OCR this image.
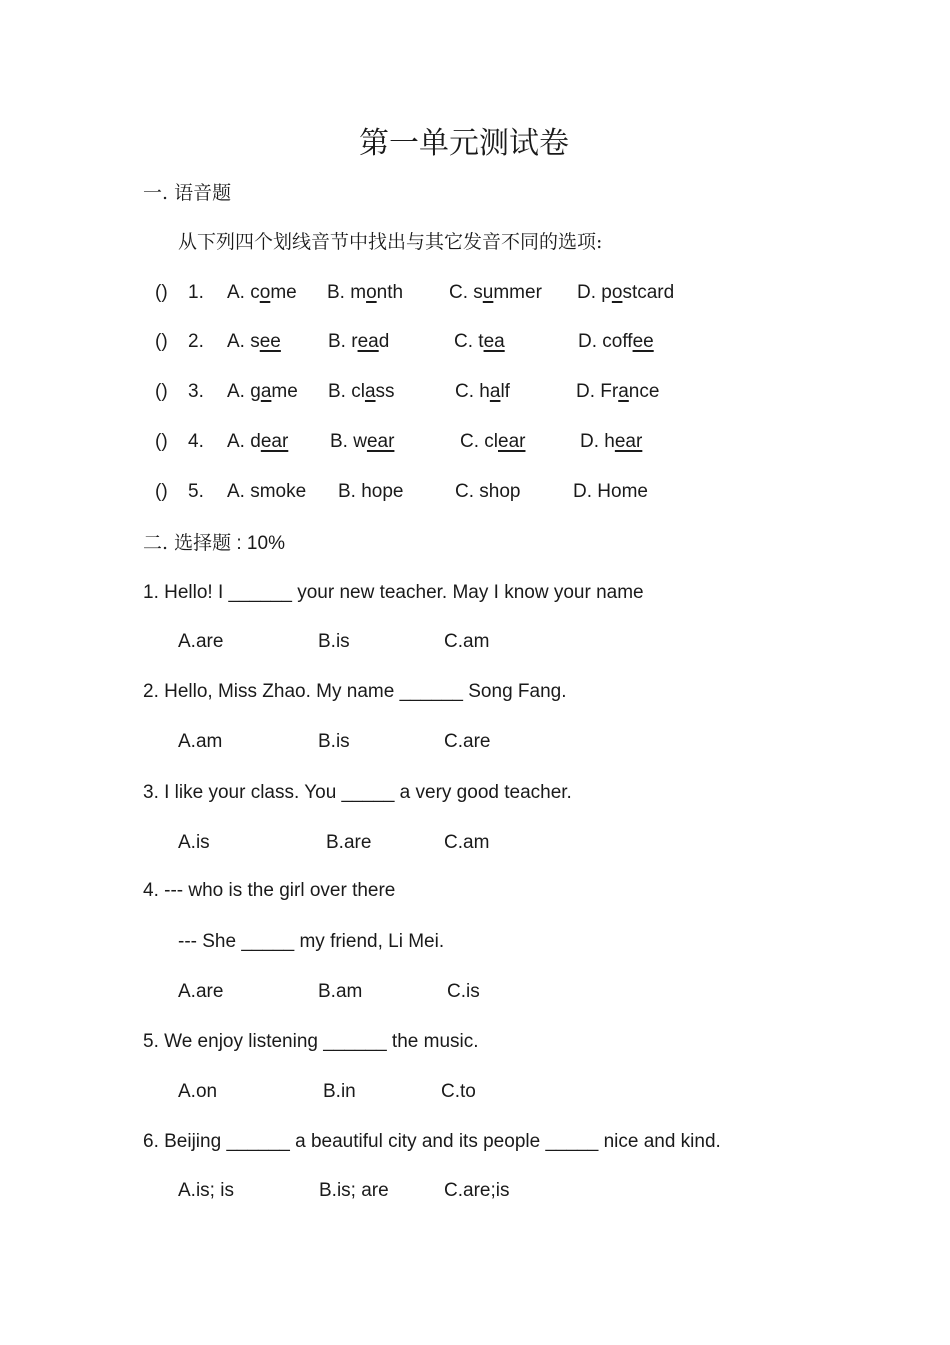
第一单元测试卷
一. 语音题
从下列四个划线音节中找出与其它发音不同的选项:
() 1. A. come B. month C. summer D. postcard
() 2. A. see B. read	C. tea	D. coffee
() 3. A. game B. class	C. half	D. France
() 4. A. dear B. wear	C. clear	D. hear
() 5. A. smoke B. hope	C. shop	D. Home
二. 选择题 : 10%
1. Hello! I ______ your new teacher. May I know your name
A.are	B.is	C.am
2. Hello, Miss Zhao. My name ______ Song Fang.
A.am	B.is	C.are
3. I like your class. You _____ a very good teacher.
A.is	B.are	C.am
4. --- who is the girl over there
--- She _____ my friend, Li Mei.
A.are	B.am	C.is
5. We enjoy listening ______ the music.
A.on	B.in	C.to
6. Beijing ______ a beautiful city and its people _____ nice and kind.
A.is; is	B.is; are	C.are;is
